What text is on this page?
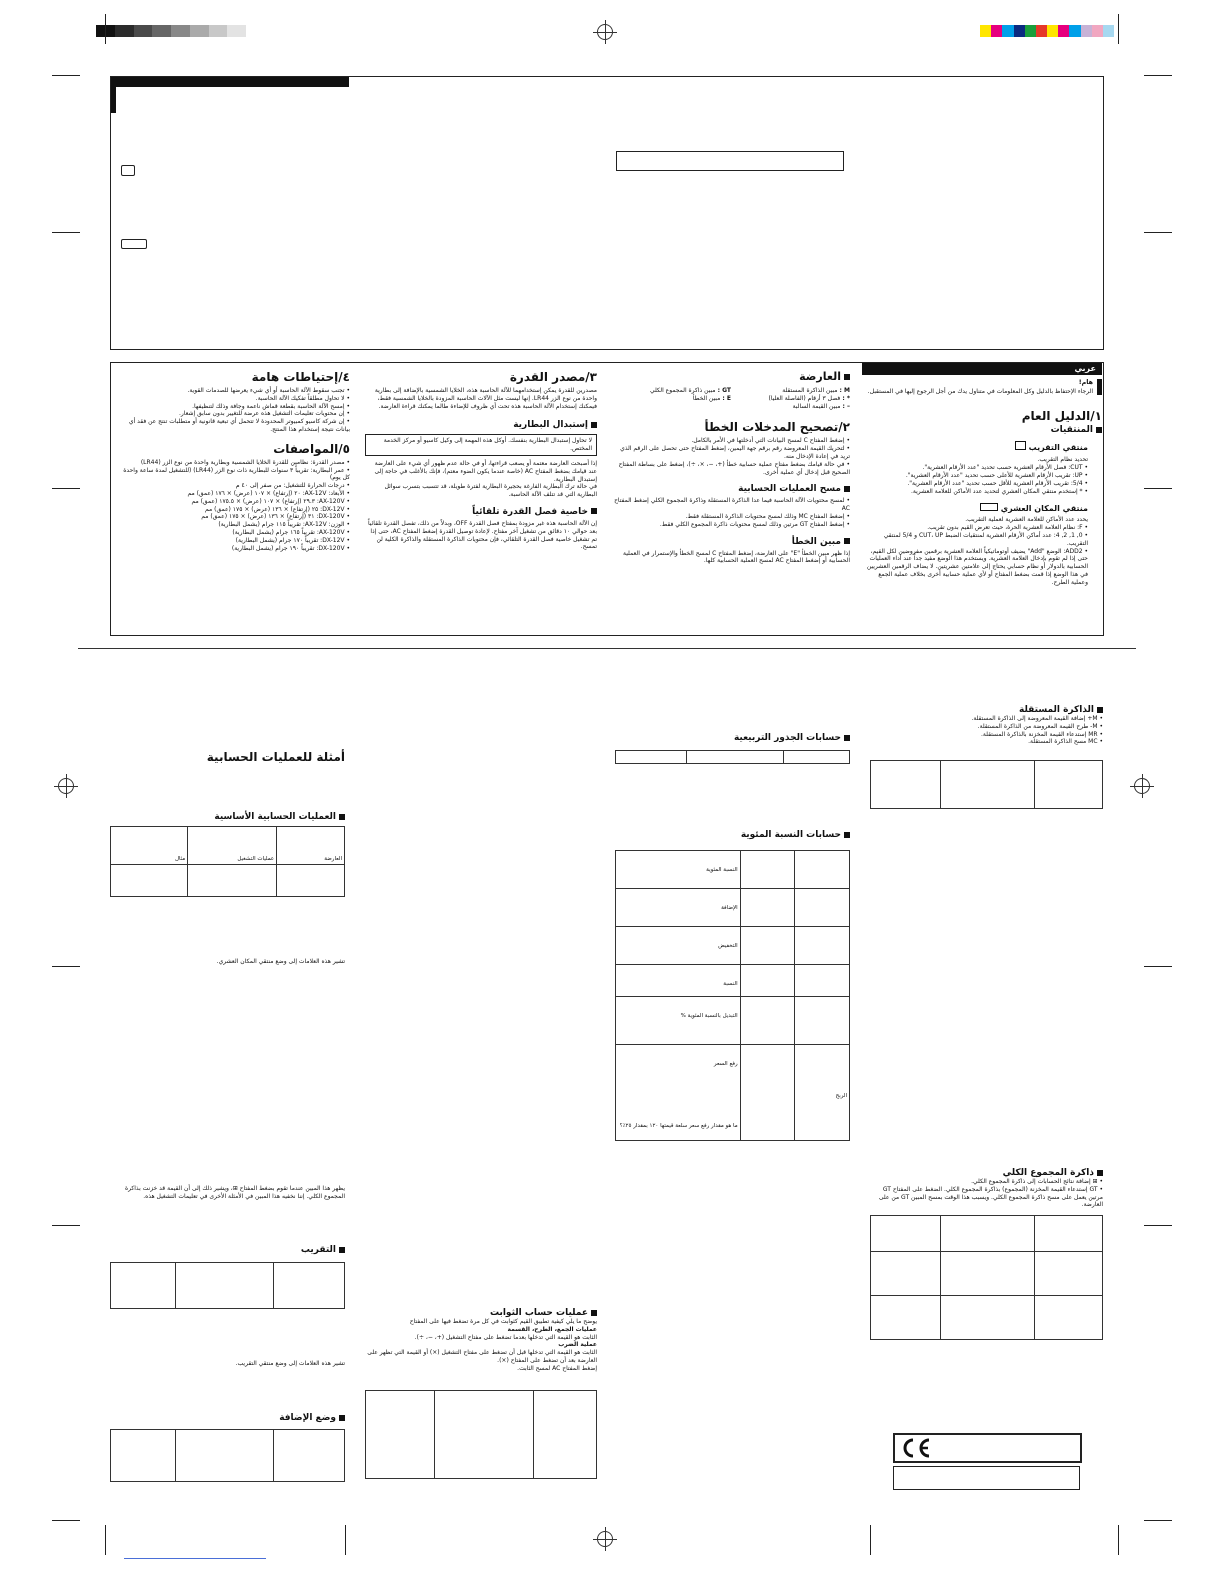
عربي
هام!
الرجاء الإحتفاظ بالدليل وكل المعلومات في متناول يدك من أجل الرجوع إليها في المستقبل.
١/الدليل العام
المنتقيات
منتقي التقريب
تحديد نظام التقريب.
• CUT: فصل الأرقام العشرية حسب تحديد "عدد الأرقام العشرية".
• UP: تقريب الأرقام العشرية للأعلى حسب تحديد "عدد الأرقام العشرية".
• 5/4: تقريب الأرقام العشرية للأقل حسب تحديد "عدد الأرقام العشرية".
• * إستخدم منتقي المكان العشري لتحديد عدد الأماكن للعلامة العشرية.
منتقي المكان العشري
يحدد عدد الأماكن للعلامة العشرية لعملية التقريب.
• F: نظام العلامة العشرية الحرة، حيث تعرض القيم بدون تقريب.
• 0, 1, 2, 4: عدد أماكن الأرقام العشرية لمنتقيات الضبط CUT، UP و 5/4 لمنتقي التقريب.
• ADD2: الوضع "Add" يضيف أوتوماتيكياً العلامة العشرية برقمين مفروضين لكل القيم، حتى إذا لم تقوم بإدخال العلامة العشرية. ويستخدم هذا الوضع مفيد جداً عند أداء العمليات الحسابية بالدولار أو نظام حسابي يحتاج إلى علامتين عشريتين. لا يضاف الرقمين العشريين في هذا الوضع إذا قمت بضغط المفتاح أو لأي عملية حسابية أخرى بخلاف عملية الجمع وعملية الطرح.
العارضة
M : مبين الذاكرة المستقلة
GT : مبين ذاكرة المجموع الكلي
* : فصل ٣ أرقام (الفاصلة العليا)
E : مبين الخطأ
– : مبين القيمة السالبة
٢/تصحيح المدخلات الخطأ
• إضغط المفتاح C لمسح البيانات التي أدخلتها في الأمر بالكامل.
• لتحريك القيمة المعروضة رقم برقم جهة اليمين، إضغط المفتاح حتى تحصل على الرقم الذي تريد في إعادة الإدخال منه.
• في حالة قيامك بضغط مفتاح عملية حسابية خطأ (+، −، ×، ÷)، إضغط على بساطة المفتاح الصحيح قبل إدخال أي عملية أخرى.
مسح العمليات الحسابية
• لمسح محتويات الآلة الحاسبة فيما عدا الذاكرة المستقلة وذاكرة المجموع الكلي إضغط المفتاح AC
• إضغط المفتاح MC وذلك لمسح محتويات الذاكرة المستقلة فقط.
• إضغط المفتاح GT مرتين وذلك لمسح محتويات ذاكرة المجموع الكلي فقط.
مبين الخطأ
إذا ظهر مبين الخطأ "E" على العارضة، إضغط المفتاح C لمسح الخطأ والإستمرار في العملية الحسابية أو إضغط المفتاح AC لمسح العملية الحسابية كلها.
٣/مصدر القدرة
مصدرين للقدرة يمكن إستخدامهما للآلة الحاسبة هذه، الخلايا الشمسية بالإضافة إلى بطارية واحدة من نوع الزر LR44. إنها ليست مثل الآلات الحاسبة المزودة بالخلايا الشمسية فقط، فيمكنك إستخدام الآلة الحاسبة هذه تحت أي ظروف للإضاءة طالما يمكنك قراءة العارضة.
إستبدال البطارية
لا تحاول إستبدال البطارية بنفسك. أوكل هذه المهمة إلى وكيل كاسيو أو مركز الخدمة المختص.
إذا أصبحت العارضة معتمة أو يصعب قراءتها، أو في حالة عدم ظهور أي شيء على العارضة عند قيامك بضغط المفتاح AC (خاصة عندما يكون الضوء معتم)، فإنك بالأغلب في حاجة إلى إستبدال البطارية.
في حالة ترك البطارية الفارغة بحجيرة البطارية لفترة طويلة، قد تتسبب بتسرب سوائل البطارية التي قد تتلف الآلة الحاسبة.
خاصية فصل القدرة تلقائياً
إن الآلة الحاسبة هذه غير مزودة بمفتاح فصل القدرة OFF، وبدلاً من ذلك، تفصل القدرة تلقائياً بعد حوالي ١٠ دقائق من تشغيل آخر مفتاح. لإعادة توصيل القدرة إضغط المفتاح AC، حتى إذا تم تشغيل خاصية فصل القدرة التلقائي، فإن محتويات الذاكرة المستقلة والذاكرة الكلية لن تمسح.
٤/إحتياطات هامة
• تجنب سقوط الآلة الحاسبة أو أي شيء يعرضها للصدمات القوية.
• لا تحاول مطلقاً تفكيك الآلة الحاسبة.
• إمسح الآلة الحاسبة بقطعة قماش ناعمة وجافة وذلك لتنظيفها.
• إن محتويات تعليمات التشغيل هذه عرضة للتغيير بدون سابق إشعار.
• إن شركة كاسيو كمبيوتر المحدودة لا تتحمل أي تبعية قانونية أو متطلبات تنتج عن فقد أي بيانات نتيجة إستخدام هذا المنتج.
٥/المواصفات
• مصدر القدرة: نظامين للقدرة الخلايا الشمسية وبطارية واحدة من نوع الزر (LR44)
• عمر البطارية: تقريباً ٣ سنوات للبطارية ذات نوع الزر (LR44) (للتشغيل لمدة ساعة واحدة كل يوم)
• درجات الحرارة للتشغيل: من صفر إلى ٤٠ م
• الأبعاد: AX-12V: ٢٠ (إرتفاع) × ١٠٧ (عرض) × ١٧٦ (عمق) مم
• AX-120V: ٢٩.٣ (إرتفاع) × ١٠٧ (عرض) × ١٧٥.٥ (عمق) مم
• DX-12V: ٢٥ (إرتفاع) × ١٣٦ (عرض) × ١٧٥ (عمق) مم
• DX-120V: ٣١ (إرتفاع) × ١٣٦ (عرض) × ١٧٥ (عمق) مم
• الوزن: AX-12V: تقريباً ١١٥ جرام (يشمل البطارية)
• AX-120V: تقريباً ١٦٥ جرام (يشمل البطارية)
• DX-12V: تقريباً ١٧٠ جرام (يشمل البطارية)
• DX-120V: تقريباً ١٩٠ جرام (يشمل البطارية)
أمثلة للعمليات الحسابية
العمليات الحسابية الأساسية
مثال	عمليات التشغيل	العارضة

تشير هذه العلامات إلى وضع منتقي المكان العشري.
يظهر هذا المبين عندما تقوم بضغط المفتاح ⊞، ويشير ذلك إلى أن القيمة قد خزنت بذاكرة المجموع الكلي. إننا نخفيه هذا المبين في الأمثلة الأخرى في تعليمات التشغيل هذه.
التقريب

تشير هذه العلامات إلى وضع منتقي التقريب.
وضع الإضافة

عمليات حساب الثوابت
يوضح ما يلي كيفية تطبيق القيم كثوابت في كل مرة تضغط فيها على المفتاح
عمليات الجمع، الطرح، القسمة
الثابت هو القيمة التي تدخلها بعدما تضغط على مفتاح التشغيل (+، −، ÷).
عملية الضرب
الثابت هو القيمة التي تدخلها قبل أن تضغط على مفتاح التشغيل (×) أو القيمة التي تظهر على العارضة بعد أن تضغط على المفتاح (×).
إضغط المفتاح AC لمسح الثابت.

حسابات الجذور التربيعية

حسابات النسبة المئوية
النسبة المئوية		

الإضافة		

التخفيض		

النسبة		

التبديل بالنسبة المئوية %		

رفع السعر
ما هو مقدار رفع سعر سلعة قيمتها ١٢٠ بمقدار ٢٥٪؟		الربح
الذاكرة المستقلة
• M+ إضافة القيمة المعروضة إلى الذاكرة المستقلة.
• M- طرح القيمة المعروضة من الذاكرة المستقلة.
• MR إستدعاء القيمة المخزنة بالذاكرة المستقلة.
• MC مسح الذاكرة المستقلة.

ذاكرة المجموع الكلي
• ⊞ إضافة نتائج الحسابات إلى ذاكرة المجموع الكلي.
• GT إستدعاء القيمة المخزنة (المجموع) بذاكرة المجموع الكلي. الضغط على المفتاح GT مرتين يعمل على مسح ذاكرة المجموع الكلي. ويسبب هذا الوقت بمسح المبين GT من على العارضة.
